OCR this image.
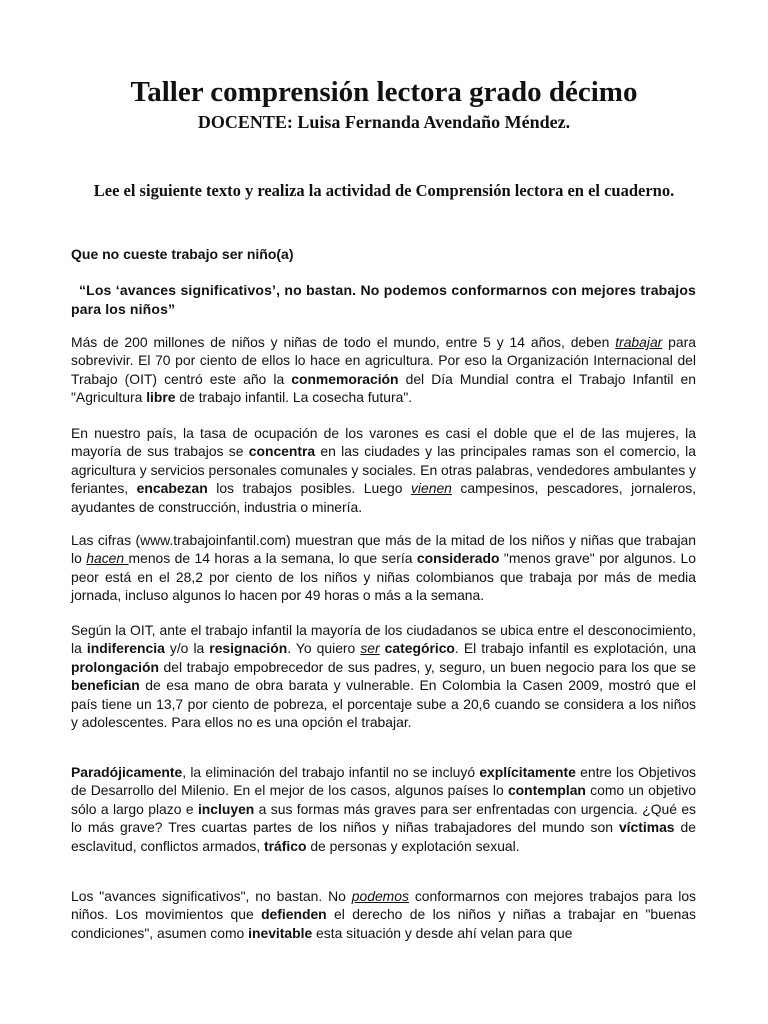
Taller comprensión lectora grado décimo
DOCENTE: Luisa Fernanda Avendaño Méndez.
Lee el siguiente texto y realiza la actividad de Comprensión lectora en el cuaderno.
Que no cueste trabajo ser niño(a)
“Los ‘avances significativos’, no bastan. No podemos conformarnos con mejores trabajos para los niños”

Más de 200 millones de niños y niñas de todo el mundo, entre 5 y 14 años, deben trabajar para sobrevivir. El 70 por ciento de ellos lo hace en agricultura. Por eso la Organización Internacional del Trabajo (OIT) centró este año la conmemoración del Día Mundial contra el Trabajo Infantil en "Agricultura libre de trabajo infantil. La cosecha futura".

En nuestro país, la tasa de ocupación de los varones es casi el doble que el de las mujeres, la mayoría de sus trabajos se concentra en las ciudades y las principales ramas son el comercio, la agricultura y servicios personales comunales y sociales. En otras palabras, vendedores ambulantes y feriantes, encabezan los trabajos posibles. Luego vienen campesinos, pescadores, jornaleros, ayudantes de construcción, industria o minería.

Las cifras (www.trabajoinfantil.com) muestran que más de la mitad de los niños y niñas que trabajan lo hacen menos de 14 horas a la semana, lo que sería considerado "menos grave" por algunos. Lo peor está en el 28,2 por ciento de los niños y niñas colombianos que trabaja por más de media jornada, incluso algunos lo hacen por 49 horas o más a la semana.

Según la OIT, ante el trabajo infantil la mayoría de los ciudadanos se ubica entre el desconocimiento, la indiferencia y/o la resignación. Yo quiero ser categórico. El trabajo infantil es explotación, una prolongación del trabajo empobrecedor de sus padres, y, seguro, un buen negocio para los que se benefician de esa mano de obra barata y vulnerable. En Colombia la Casen 2009, mostró que el país tiene un 13,7 por ciento de pobreza, el porcentaje sube a 20,6 cuando se considera a los niños y adolescentes. Para ellos no es una opción el trabajar.

Paradójicamente, la eliminación del trabajo infantil no se incluyó explícitamente entre los Objetivos de Desarrollo del Milenio. En el mejor de los casos, algunos países lo contemplan como un objetivo sólo a largo plazo e incluyen a sus formas más graves para ser enfrentadas con urgencia. ¿Qué es lo más grave? Tres cuartas partes de los niños y niñas trabajadores del mundo son víctimas de esclavitud, conflictos armados, tráfico de personas y explotación sexual.

Los "avances significativos", no bastan. No podemos conformarnos con mejores trabajos para los niños. Los movimientos que defienden el derecho de los niños y niñas a trabajar en "buenas condiciones", asumen como inevitable esta situación y desde ahí velan para que
